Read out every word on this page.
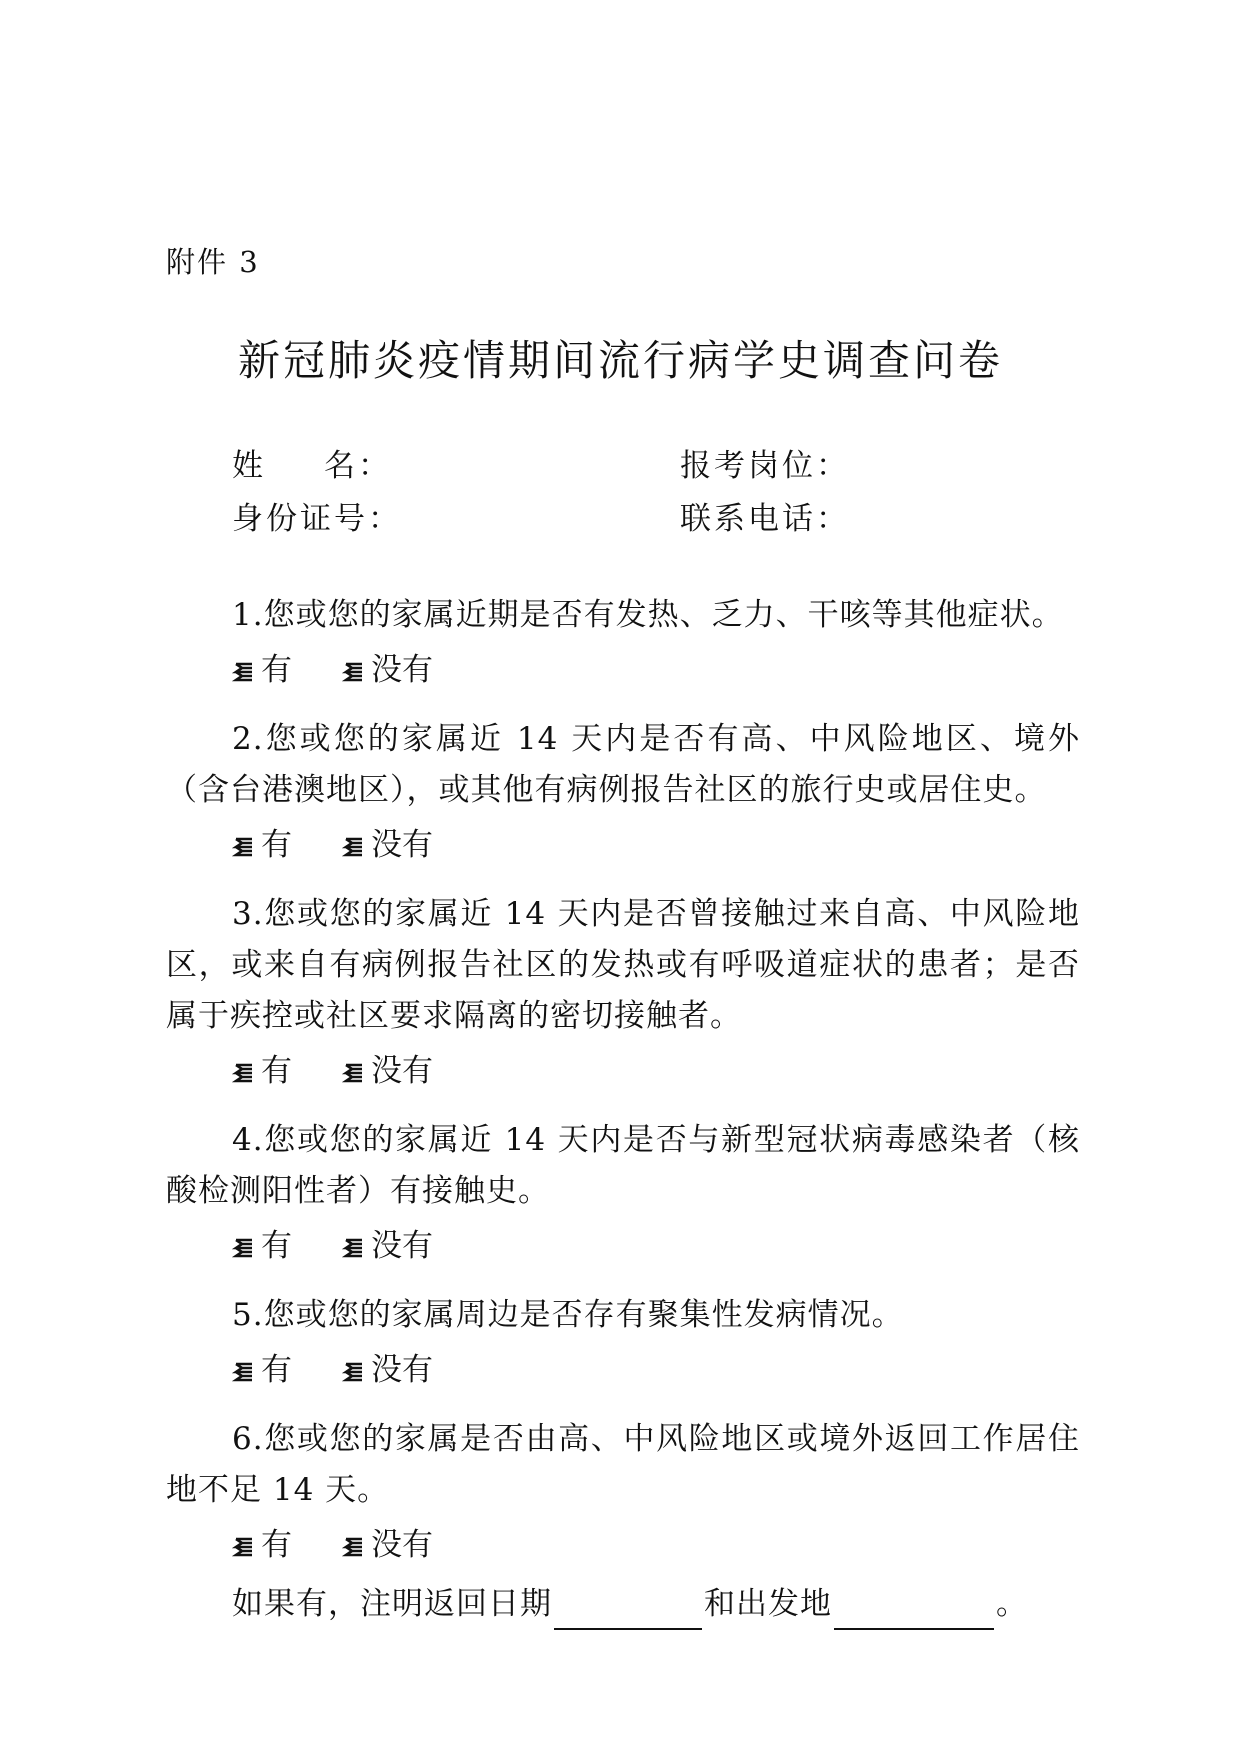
附件 3
新冠肺炎疫情期间流行病学史调查问卷
姓 名：	报考岗位：
身份证号：	联系电话：

1.您或您的家属近期是否有发热、乏力、干咳等其他症状。

有	没有

2.您或您的家属近 14 天内是否有高、中风险地区、境外（含台港澳地区），或其他有病例报告社区的旅行史或居住史。

有	没有

3.您或您的家属近 14 天内是否曾接触过来自高、中风险地区，或来自有病例报告社区的发热或有呼吸道症状的患者；是否属于疾控或社区要求隔离的密切接触者。

有	没有

4.您或您的家属近 14 天内是否与新型冠状病毒感染者（核酸检测阳性者）有接触史。

有	没有

5.您或您的家属周边是否存有聚集性发病情况。

有	没有

6.您或您的家属是否由高、中风险地区或境外返回工作居住地不足 14 天。

有	没有
如果有，注明返回日期	和出发地	。
